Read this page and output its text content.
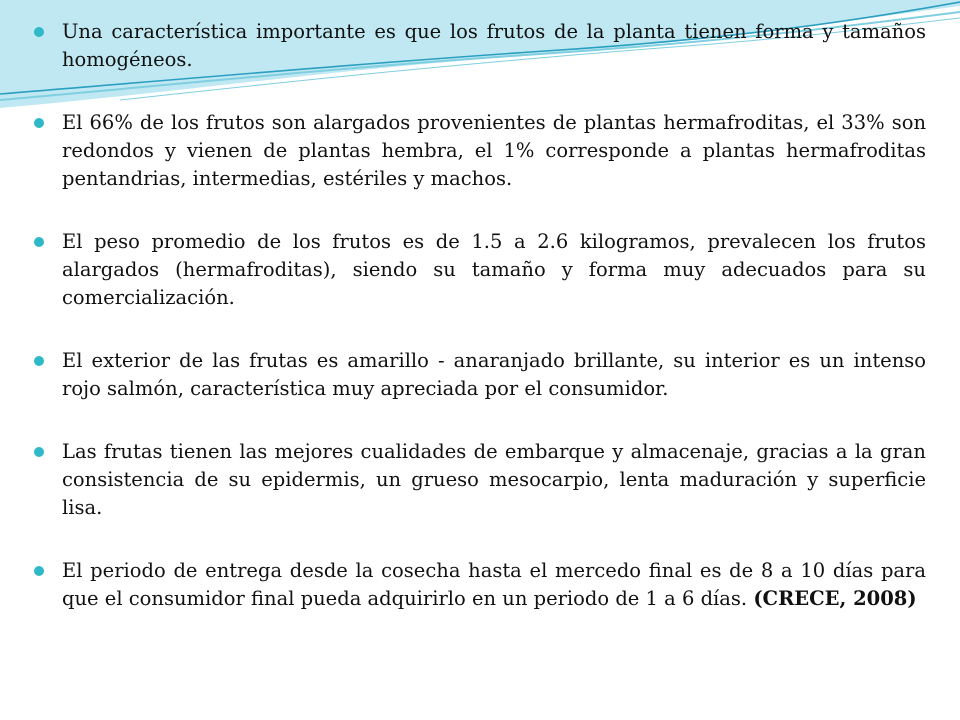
Una característica importante es que los frutos de la planta tienen forma y tamaños homogéneos.
El 66% de los frutos son alargados provenientes de plantas hermafroditas, el 33% son redondos y vienen de plantas hembra, el 1% corresponde a plantas hermafroditas pentandrias, intermedias, estériles y machos.
El peso promedio de los frutos es de 1.5 a 2.6 kilogramos, prevalecen los frutos alargados (hermafroditas), siendo su tamaño y forma muy adecuados para su comercialización.
El exterior de las frutas es amarillo - anaranjado brillante, su interior es un intenso rojo salmón, característica muy apreciada por el consumidor.
Las frutas tienen las mejores cualidades de embarque y almacenaje, gracias a la gran consistencia de su epidermis, un grueso mesocarpio, lenta maduración y superficie lisa.
El periodo de entrega desde la cosecha hasta el mercedo final es de 8 a 10 días para que el consumidor final pueda adquirirlo en un periodo de 1 a 6 días. (CRECE, 2008)
